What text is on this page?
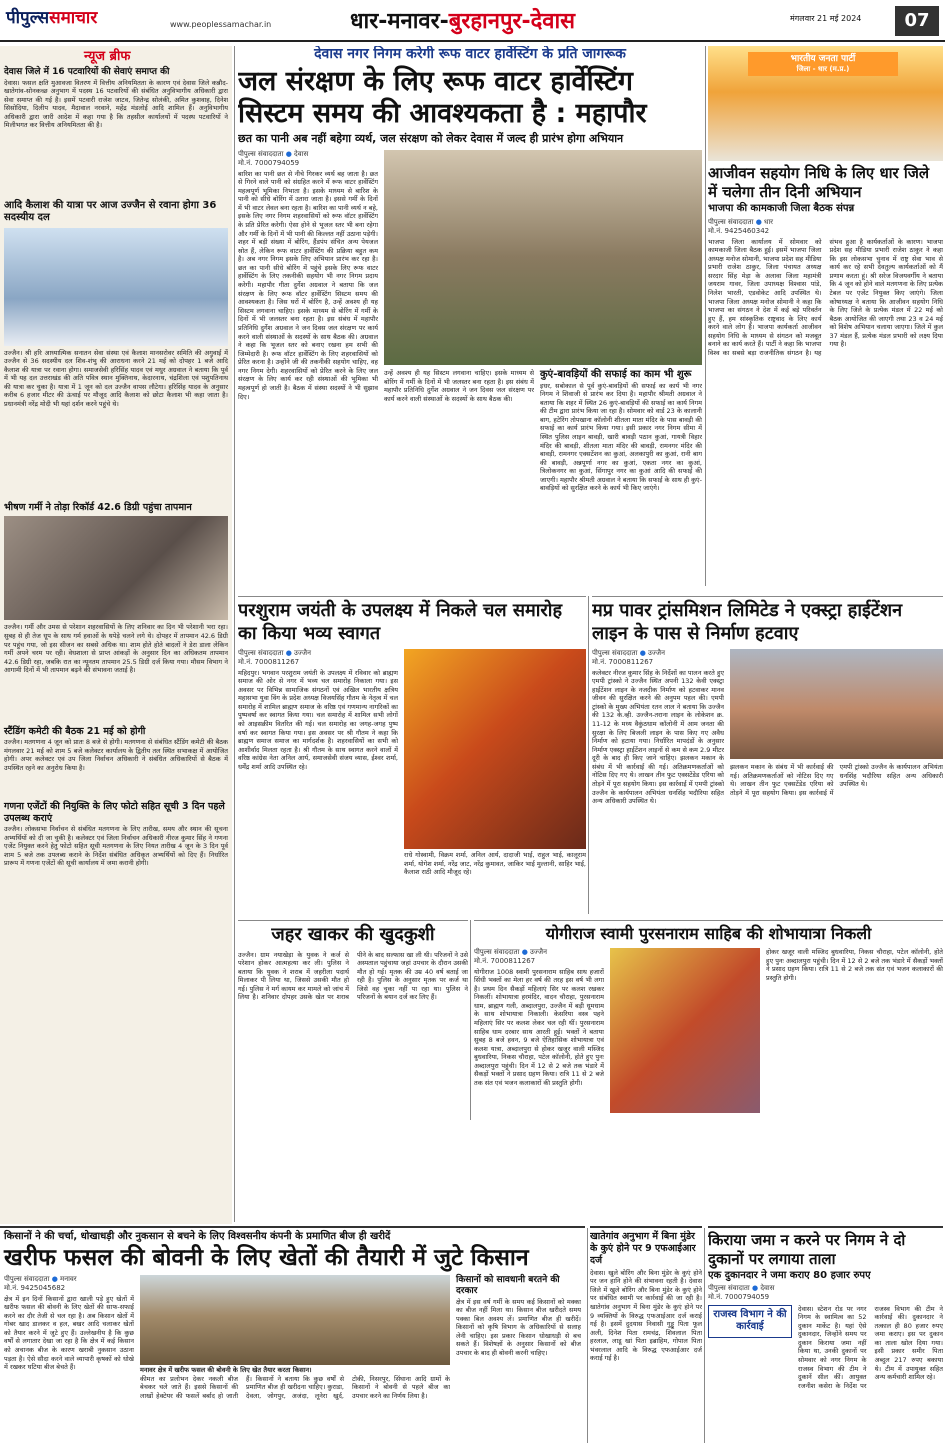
पीपुल्ससमाचार	www.peoplessamachar.in	धार-मनावर-बुरहानपुर-देवास	मंगलवार 21 मई 2024	07
न्यूज ब्रीफ
देवास जिले में 16 पटवारियों की सेवाएं समाप्त की
देवास। फसल क्षति मुआवजा वितरण में वित्तीय अनियमितता के कारण एवं देवास जिले कन्नौद-खातेगांव-सोनकच्छ अनुभाग में पदस्थ 16 पटवारियों की संबंधित अनुविभागीय अधिकारी द्वारा सेवा समाप्त की गई है। इसमें पटवारी राजेश जाटव, जितेन्द्र सोलंकी, अमित कुशवाह, दिनेश सिसोदिया, दिलीप यादव, मैदावाल नरवाने, महेंद्र मंडलोई आदि शामिल हैं। अनुविभागीय अधिकारी द्वारा जारी आदेश में कहा गया है कि तहसील कार्यालयों में पदस्थ पटवारियों ने मिलीभगत कर वित्तीय अनियमितता की है।
आदि कैलाश की यात्रा पर आज उज्जैन से रवाना होगा 36 सदस्यीय दल
उज्जैन। श्री हरि आध्यात्मिक सनातन सेवा संस्था एवं कैलाश मानसरोवर समिति की अगुवाई में उज्जैन से 36 सदस्यीय दल शिव-शंभु की आराधना करने 21 मई को दोपहर 1 बजे आदि कैलाश की यात्रा पर रवाना होगा। समाजसेवी हरिसिंह यादव एवं मधुर अग्रवाल ने बताया कि पूर्व में भी यह दल उत्तराखंड की अति पवित्र स्थान मुक्तिनाथ, केदारनाथ, चंद्रशिला एवं पशुपतिनाथ की यात्रा कर चुका है। यात्रा में 1 जून को दल उज्जैन वापस लौटेगा। हरिसिंह यादव के अनुसार करीब 6 हजार मीटर की ऊंचाई पर मौजूद आदि कैलाश को छोटा कैलाश भी कहा जाता है। प्रधानमंत्री नरेंद्र मोदी भी यहां दर्शन करने पहुंचे थे।
भीषण गर्मी ने तोड़ा रिकॉर्ड 42.6 डिग्री पहुंचा तापमान
उज्जैन। गर्मी और उमस से परेशान शहरवासियों के लिए शनिवार का दिन भी परेशानी भरा रहा। सुबह से ही तेज धूप के साथ गर्म हवाओं के थपेड़े चलने लगे थे। दोपहर में तापमान 42.6 डिग्री पर पहुंच गया, जो इस सीजन का सबसे अधिक था। शाम होते होते बादलों ने डेरा डाला लेकिन गर्मी अपने चरम पर रही। वेधशाला से प्राप्त आंकड़ों के अनुसार दिन का अधिकतम तापमान 42.6 डिग्री रहा, जबकि रात का न्यूनतम तापमान 25.5 डिग्री दर्ज किया गया। मौसम विभाग ने आगामी दिनों में भी तापमान बढ़ने की संभावना जताई है।
स्टैंडिंग कमेटी की बैठक 21 मई को होगी
उज्जैन। मतगणना 4 जून को प्रातः 8 बजे से होगी। मतगणना से संबंधित स्टैंडिंग कमेटी की बैठक मंगलवार 21 मई को शाम 5 बजे कलेक्टर कार्यालय के द्वितीय तल स्थित सभाकक्ष में आयोजित होगी। अपर कलेक्टर एवं उप जिला निर्वाचन अधिकारी ने संबंधित अधिकारियों से बैठक में उपस्थित रहने का अनुरोध किया है।
गणना एजेंटों की नियुक्ति के लिए फोटो सहित सूची 3 दिन पहले उपलब्ध कराएं
उज्जैन। लोकसभा निर्वाचन से संबंधित मतगणना के लिए तारीख, समय और स्थान की सूचना अभ्यर्थियों को दी जा चुकी है। कलेक्टर एवं जिला निर्वाचन अधिकारी नीरज कुमार सिंह ने गणना एजेंट नियुक्त करने हेतु फोटो सहित सूची मतगणना के लिए नियत तारीख 4 जून के 3 दिन पूर्व शाम 5 बजे तक उपलब्ध कराने के निर्देश संबंधित अधिकृत अभ्यर्थियों को दिए हैं। निर्धारित प्रारूप में गणना एजेंटों की सूची कार्यालय में जमा करानी होगी।
देवास नगर निगम करेगी रूफ वाटर हार्वेस्टिंग के प्रति जागरूक
जल संरक्षण के लिए रूफ वाटर हार्वेस्टिंग सिस्टम समय की आवश्यकता है : महापौर
छत का पानी अब नहीं बहेगा व्यर्थ, जल संरक्षण को लेकर देवास में जल्द ही प्रारंभ होगा अभियान
पीपुल्स संवाददाता ● देवास
मो.नं. 7000794059
बारिश का पानी छत से नीचे गिरकर व्यर्थ बह जाता है। छत से गिरने वाले पानी को संग्रहित करने में रूफ वाटर हार्वेस्टिंग महत्वपूर्ण भूमिका निभाता है। इसके माध्यम से बारिश के पानी को सीधे बोरिंग में उतारा जाता है। इससे गर्मी के दिनों में भी वाटर लेवल बना रहता है। बारिश का पानी व्यर्थ न बहे, इसके लिए नगर निगम शहरवासियों को रूफ वॉटर हार्वेस्टिंग के प्रति प्रेरित करेगी। ऐसा होने से भूजल स्तर भी बना रहेगा और गर्मी के दिनों में भी पानी की किल्लत नहीं उठाना पड़ेगी। शहर में बड़ी संख्या में बोरिंग, हैंडपंप संचित अन्य पेयजल स्रोत हैं, लेकिन रूफ वाटर हार्वेस्टिंग की प्रक्रिया बहुत कम है। अब नगर निगम इसके लिए अभियान प्रारंभ कर रहा है। छत का पानी सीधे बोरिंग में पहुंचे इसके लिए रूफ वाटर हार्वेस्टिंग के लिए तकनीकी सहयोग भी नगर निगम प्रदाय करेगी। महापौर गीता दुर्गेश अग्रवाल ने बताया कि जल संरक्षण के लिए रूफ वॉटर हार्वेस्टिंग सिस्टम समय की आवश्यकता है। जिस घरों में बोरिंग है, उन्हें अवश्य ही यह सिस्टम लगवाना चाहिए। इसके माध्यम से बोरिंग में गर्मी के दिनों में भी जलस्तर बना रहता है। इस संबंध में महापौर प्रतिनिधि दुर्गेश अग्रवाल ने जन दिवस जल संरक्षण पर कार्य करने वाली संस्थाओं के सदस्यों के साथ बैठक की। अग्रवाल ने कहा कि भूजल स्तर को बनाए रखना हम सभी की जिम्मेदारी है। रूफ वॉटर हार्वेस्टिंग के लिए शहरवासियों को प्रेरित करना है। उन्होंने जी की तकनीकी सहयोग चाहिए, वह नगर निगम देगी। शहरवासियों को प्रेरित करने के लिए जल संरक्षण के लिए कार्य कर रही संस्थाओं की भूमिका भी महत्वपूर्ण हो जाती है। बैठक में संस्था सदस्यों ने भी सुझाव दिए।
उन्हें अवश्य ही यह सिस्टम लगवाना चाहिए। इसके माध्यम से बोरिंग में गर्मी के दिनों में भी जलस्तर बना रहता है। इस संबंध में महापौर प्रतिनिधि दुर्गेश अग्रवाल ने जन दिवस जल संरक्षण पर कार्य करने वाली संस्थाओं के सदस्यों के साथ बैठक की।
कुएं-बावड़ियों की सफाई का काम भी शुरू
इधर, सबोकाल से पूर्व कुएं-बावड़ियों की सफाई का कार्य भी नगर निगम ने शिवाजी से प्रारंभ कर दिया है। महापौर श्रीमती अग्रवाल ने बताया कि शहर में स्थित 26 कुएं-बावड़ियों की सफाई का कार्य निगम की टीम द्वारा प्रारंभ किया जा रहा है। सोमवार को वार्ड 23 के कालानी बाग, हटेरिंग तोपखाना कॉलोनी शीतला माता मंदिर के पास बावड़ी की सफाई का कार्य प्रारंभ किया गया। इसी प्रकार नगर निगम सीमा में स्थित पुलिस लाइन बावड़ी, खारी बावड़ी पठान कुआं, गायत्री विहार मंदिर की बावड़ी, शीतला माता मंदिर की बावड़ी, रामनगर मंदिर की बावड़ी, रामनगर एक्सटेंशन का कुआं, अलकापुरी का कुआं, रानी बाग की बावड़ी, अन्नपूर्णा नगर का कुआं, एकता नगर का कुआं, त्रिलोकनगर का कुआं, सिंगापुर नगर का कुआं आदि की सफाई की जाएगी। महापौर श्रीमती अग्रवाल ने बताया कि सफाई के साथ ही कुएं-बावड़ियों को सुरक्षित करने के कार्य भी किए जाएंगे।
भारतीय जनता पार्टी
जिला - धार (म.प्र.)
आजीवन सहयोग निधि के लिए धार जिले में चलेगा तीन दिनी अभियान
भाजपा की कामकाजी जिला बैठक संपन्न
पीपुल्स संवाददाता ● धार
मो.नं. 9425460342
भाजपा जिला कार्यालय में सोमवार को कामकाजी जिला बैठक हुई। इसमें भाजपा जिला अध्यक्ष मनोज सोमानी, भाजपा प्रदेश सह मीडिया प्रभारी राजेश ठाकुर, जिला पंचायत अध्यक्ष सरदार सिंह मेड़ा के अलावा जिला महामंत्री जयराम गावर, जिला उपाध्यक्ष विश्वास पांडे, निलेश भारती, एडवोकेट आदि उपस्थित थे। भाजपा जिला अध्यक्ष मनोज सोमानी ने कहा कि भाजपा का संगठन ने देश में कई बड़े परिवर्तन हुए हैं, हम सांस्कृतिक राष्ट्रवाद के लिए कार्य करने वाले लोग हैं। भाजपा कार्यकर्ता आजीवन सहयोग निधि के माध्यम से संगठन को मजबूत बनाने का कार्य करते हैं। पार्टी ने कहा कि भाजपा विश्व का सबसे बड़ा राजनीतिक संगठन है। यह संभव हुआ है कार्यकर्ताओं के कारण। भाजपा प्रदेश सह मीडिया प्रभारी राजेश ठाकुर ने कहा कि इस लोकसभा चुनाव में राष्ट्र सेवा भाव से कार्य कर रहे सभी देवतुल्य कार्यकर्ताओं को मैं प्रणाम करता हूं। श्री सरेज विजयवर्गीय ने बताया कि 4 जून को होने वाले मतगणना के लिए प्रत्येक टेबल पर एजेंट नियुक्त किए जाएंगे। जिला कोषाध्यक्ष ने बताया कि आजीवन सहयोग निधि के लिए जिले के प्रत्येक मंडल में 22 मई को बैठक आयोजित की जाएगी तथा 23 व 24 मई को विशेष अभियान चलाया जाएगा। जिले में कुल 37 मंडल हैं, प्रत्येक मंडल प्रभारी को लक्ष्य दिया गया है।
परशुराम जयंती के उपलक्ष्य में निकले चल समारोह का किया भव्य स्वागत
पीपुल्स संवाददाता ● उज्जैन
मो.नं. 7000811267
महिदपुर। भगवान परशुराम जयंती के उपलक्ष्य में रविवार को ब्राह्मण समाज की ओर से नगर में भव्य चल समारोह निकाला गया। इस अवसर पर विभिन्न सामाजिक संगठनों एवं अखिल भारतीय क्षत्रिय महासभा युवा विंग के प्रदेश अध्यक्ष विजयसिंह गौतम के नेतृत्व में चल समारोह में शामिल ब्राह्मण समाज के वरिष्ठ एवं गणमान्य नागरिकों का पुष्पवर्षा कर स्वागत किया गया। चल समारोह में शामिल सभी लोगों को आइसक्रीम वितरित की गई। चल समारोह का जगह-जगह पुष्प वर्षा कर स्वागत किया गया। इस अवसर पर श्री गौतम ने कहा कि ब्राह्मण समाज समाज का मार्गदर्शक है। शहरवासियों का सभी को आशीर्वाद मिलता रहता है। श्री गौतम के साथ स्वागत करने वालों में वरिष्ठ कांग्रेस नेता अनिल आर्य, समाजसेवी संजय व्यास, ईश्वर शर्मा, धर्मेंद्र शर्मा आदि उपस्थित रहे।
राधे गोस्वामी, विक्रम शर्मा, अनिल आर्य, दादाजी भाई, राहुल भाई, कालूराम शर्मा, योगेश शर्मा, नरेंद्र जाट, नरेंद्र कुमावत, जाकिर भाई मुल्तानी, साहिर भाई, कैलाश राठी आदि मौजूद रहे।
मप्र पावर ट्रांसमिशन लिमिटेड ने एक्स्ट्रा हाईटेंशन लाइन के पास से निर्माण हटवाए
पीपुल्स संवाददाता ● उज्जैन
मो.नं. 7000811267
कलेक्टर नीरज कुमार सिंह के निर्देशों का पालन करते हुए एमपी ट्रांस्को ने उज्जैन स्थित अपनी 132 केवी एक्स्ट्रा हाईटेंशन लाइन के नजदीक निर्माण को हटवाकर मानव जीवन की सुरक्षित करने की अनुपम पहल की। एमपी ट्रांस्को के मुख्य अभियंता रतन लाल ने बताया कि उज्जैन की 132 के.व्ही. उज्जैन-तराना लाइन के लोकेशन क्र. 11-12 के मध्य वैकुंठधाम कॉलोनी में आम जनता की सुरक्षा के लिए बिजली लाइन के पास किए गए अवैध निर्माण को हटाया गया। निर्धारित मापदंडों के अनुसार निर्माण एक्स्ट्रा हाईटेंशन लाइनों से कम से कम 2.9 मीटर दूरी के बाद ही किए जाने चाहिए। झलकन मकान के संबंध में भी कार्रवाई की गई। अतिक्रमणकर्ताओं को नोटिस दिए गए थे। लाखन तीन फुट एक्सटेंडेड एरिया को तोड़ने में पूरा सहयोग किया। इस कार्रवाई में एमपी ट्रांस्को उज्जैन के कार्यपालन अभियंता धनसिंह भदौरिया सहित अन्य अधिकारी उपस्थित थे।
झलकन मकान के संबंध में भी कार्रवाई की गई। अतिक्रमणकर्ताओं को नोटिस दिए गए थे। लाखन तीन फुट एक्सटेंडेड एरिया को तोड़ने में पूरा सहयोग किया। इस कार्रवाई में एमपी ट्रांस्को उज्जैन के कार्यपालन अभियंता धनसिंह भदौरिया सहित अन्य अधिकारी उपस्थित थे।
जहर खाकर की खुदकुशी
उज्जैन। ग्राम नयाखेड़ा के युवक ने कर्ज से परेशान होकर आत्महत्या कर ली। पुलिस ने बताया कि युवक ने शराब में जहरीला पदार्थ मिलाकर पी लिया था, जिससे उसकी मौत हो गई। पुलिस ने मर्ग कायम कर मामले को जांच में लिया है। शनिवार दोपहर उसके खेत पर शराब पीने के बाद सल्फास खा ली थी। परिजनों ने उसे अस्पताल पहुंचाया जहां उपचार के दौरान उसकी मौत हो गई। मृतक की उम्र 40 वर्ष बताई जा रही है। पुलिस के अनुसार मृतक पर कर्ज था जिसे वह चुका नहीं पा रहा था। पुलिस ने परिजनों के बयान दर्ज कर लिए हैं।
योगीराज स्वामी पुरसनाराम साहिब की शोभायात्रा निकली
पीपुल्स संवाददाता ● उज्जैन
मो.नं. 7000811267
योगीराज 1008 स्वामी पुरसनाराम साहिब साथ हजारों सिंधी भक्तों का मेला हर वर्ष की तरह इस वर्ष भी लगा है। प्रथम दिन सैकड़ों महिलाएं सिर पर कलश रखकर निकलीं। शोभायात्रा हरमंदिर, वादन चौराहा, पुरसनाराम धाम, ब्राह्मण गली, अब्दालपुरा, उज्जैन में बड़ी धूमधाम के साथ शोभायात्रा निकाली। केसरिया वस्त्र पहने महिलाएं सिर पर कलश लेकर चल रही थीं। पुरसनाराम साहिब धाम दरबार साथ आरती हुई। भक्तों ने बताया सुबह 8 बजे हवन, 9 बजे ऐतिहासिक शोभायात्रा एवं कलश यात्रा, अब्दालपुरा से होकर खजूर वाली मस्जिद बुधवारिया, निकस चौराहा, पटेल कॉलोनी, होते हुए पुनः अब्दालपुरा पहुंची। दिन में 12 से 2 बजे तक भंडारे में सैकड़ों भक्तों ने प्रसाद ग्रहण किया। रात्रि 11 से 2 बजे तक संत एवं भजन कलाकारों की प्रस्तुति होगी।
होकर खजूर वाली मस्जिद बुधवारिया, निकस चौराहा, पटेल कॉलोनी, होते हुए पुनः अब्दालपुरा पहुंची। दिन में 12 से 2 बजे तक भंडारे में सैकड़ों भक्तों ने प्रसाद ग्रहण किया। रात्रि 11 से 2 बजे तक संत एवं भजन कलाकारों की प्रस्तुति होगी।
किसानों ने की चर्चा, धोखाधड़ी और नुकसान से बचने के लिए विश्वसनीय कंपनी के प्रमाणित बीज ही खरीदें
खरीफ फसल की बोवनी के लिए खेतों की तैयारी में जुटे किसान
पीपुल्स संवाददाता ● मनावर
मो.नं. 9425045682
क्षेत्र में इन दिनों किसानों द्वारा खाली पड़े हुए खेतों में खरीफ फसल की बोवनी के लिए खेतों की साफ-सफाई करने का दौर तेजी से चल रहा है। अब किसान खेतों में गोबर खाद डालकर व हल, बखर आदि चलाकर खेतों को तैयार करने में जुटे हुए हैं। उल्लेखनीय है कि कुछ वर्षों से लगातार देखा जा रहा है कि क्षेत्र में कई किसान को अचानक बीज के कारण खराबी नुकसान उठाना पड़ता है। ऐसे सौदा करने वाले व्यापारी कृषकों को धोखे में रखकर घटिया बीज बेचते हैं।	मनावर क्षेत्र में खरीफ फसल की बोवनी के लिए खेत तैयार करता किसान।
कीमत का प्रलोभन देकर नकली बीज बेचकर चले जाते हैं। इससे किसानों की लाखों हेक्टेयर की फसलें बर्बाद हो जाती हैं। किसानों ने बताया कि कुछ वर्षों से प्रमाणित बीज ही खरीदना चाहिए। कुराडा, देवला, जोगपुर, अजंदा, लूनेरा खुर्द, टोकी, निसरपुर, सिंघाना आदि ग्रामों के किसानों ने बोवनी से पहले बीज का उपचार करने का निर्णय लिया है।
किसानों को सावधानी बरतने की दरकार
क्षेत्र में इस वर्ष गर्मी के समय कई किसानों को मक्का का बीज नहीं मिला था। किसान बीज खरीदते समय पक्का बिल अवश्य लें। प्रमाणित बीज ही खरीदें। किसानों को कृषि विभाग के अधिकारियों से सलाह लेनी चाहिए। इस प्रकार किसान धोखाधड़ी से बच सकते हैं। विशेषज्ञों के अनुसार किसानों को बीज उपचार के बाद ही बोवनी करनी चाहिए।
खातेगांव अनुभाग में बिना मुंडेर के कुएं होने पर 9 एफआईआर दर्ज
देवास। खुले बोरिंग और बिना मुंडेर के कुएं होने पर जन हानि होने की संभावना रहती है। देवास जिले में खुले बोरिंग और बिना मुंडेर के कुएं होने पर संबंधित स्वामी पर कार्रवाई की जा रही है। खातेगांव अनुभाग में बिना मुंडेर के कुएं होने पर 9 व्यक्तियों के विरुद्ध एफआईआर दर्ज कराई गई है। इसमें दुदयास निवासी गुड्डू पिता फूल अली, दिनेश पिता रामचंद्र, शिवलाल पिता हरलाल, लाडू खां पिता इब्राहिम, गोपाल पिता भंवरलाल आदि के विरुद्ध एफआईआर दर्ज कराई गई है।
किराया जमा न करने पर निगम ने दो दुकानों पर लगाया ताला
एक दुकानदार ने जमा कराए 80 हजार रुपए
पीपुल्स संवादाता ● देवास
मो.नं. 7000794059
राजस्व विभाग ने की कार्रवाई
देवास। स्टेशन रोड पर नगर निगम के स्वामित्व का 52 दुकान मार्केट है। यहां ऐसे दुकानदार, जिन्होंने समय पर दुकान किराया जमा नहीं किया था, उनकी दुकानों पर सोमवार को नगर निगम के राजस्व विभाग की टीम ने दुकानें सील कीं। आयुक्त रजनीश कसेरा के निर्देश पर राजस्व विभाग की टीम ने कार्रवाई की। दुकानदार ने तत्काल ही 80 हजार रुपए जमा कराए। इस पर दुकान का ताला खोल दिया गया। इसी प्रकार समीर पिता अब्दुल 217 रुपए बकाया थे। टीम में उपायुक्त सहित अन्य कर्मचारी शामिल रहे।
